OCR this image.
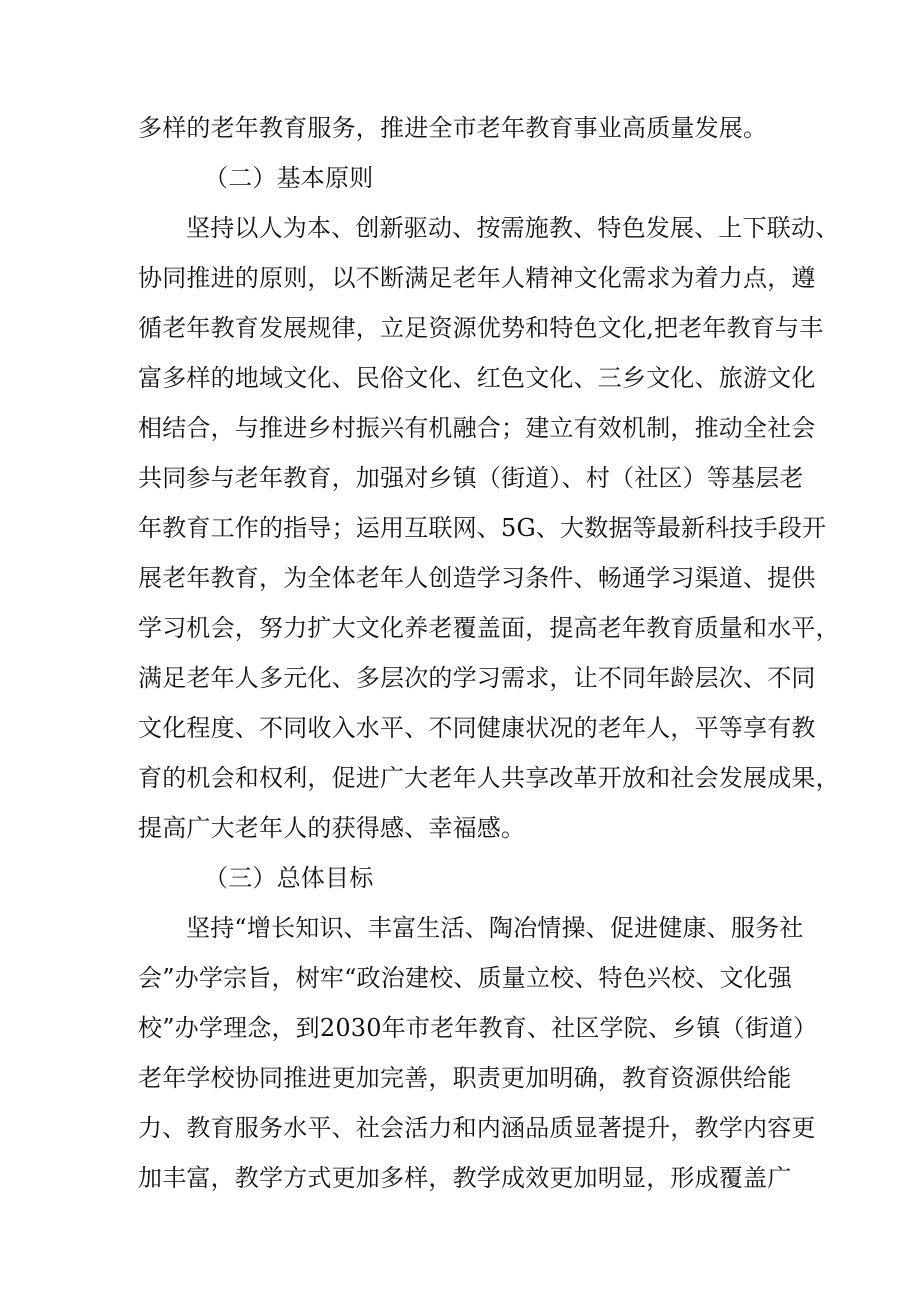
多样的老年教育服务，推进全市老年教育事业高质量发展。
（二）基本原则
坚持以人为本、创新驱动、按需施教、特色发展、上下联动、
协同推进的原则，以不断满足老年人精神文化需求为着力点，遵
循老年教育发展规律，立足资源优势和特色文化,把老年教育与丰
富多样的地域文化、民俗文化、红色文化、三乡文化、旅游文化
相结合，与推进乡村振兴有机融合；建立有效机制，推动全社会
共同参与老年教育，加强对乡镇（街道）、村（社区）等基层老
年教育工作的指导；运用互联网、5G、大数据等最新科技手段开
展老年教育，为全体老年人创造学习条件、畅通学习渠道、提供
学习机会，努力扩大文化养老覆盖面，提高老年教育质量和水平，
满足老年人多元化、多层次的学习需求，让不同年龄层次、不同
文化程度、不同收入水平、不同健康状况的老年人，平等享有教
育的机会和权利，促进广大老年人共享改革开放和社会发展成果，
提高广大老年人的获得感、幸福感。
（三）总体目标
坚持“增长知识、丰富生活、陶冶情操、促进健康、服务社
会”办学宗旨，树牢“政治建校、质量立校、特色兴校、文化强
校”办学理念，到2030年市老年教育、社区学院、乡镇（街道）
老年学校协同推进更加完善，职责更加明确，教育资源供给能
力、教育服务水平、社会活力和内涵品质显著提升，教学内容更
加丰富，教学方式更加多样，教学成效更加明显，形成覆盖广
